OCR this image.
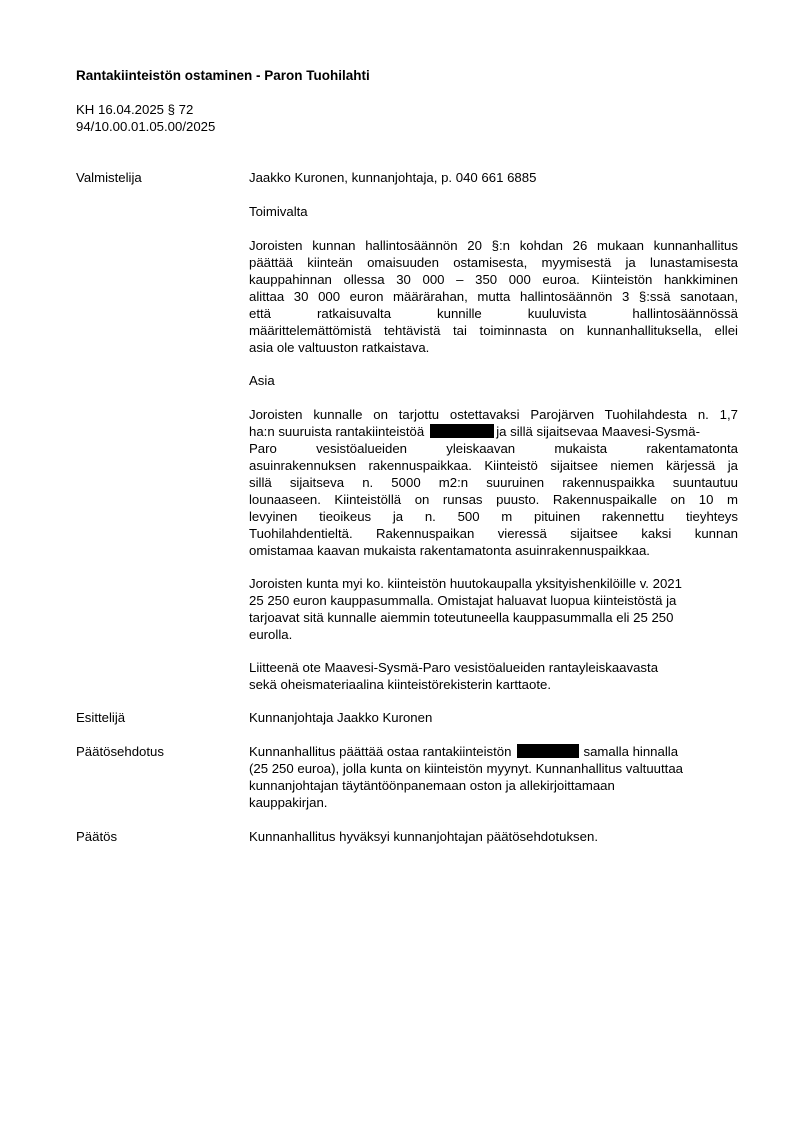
Rantakiinteistön ostaminen - Paron Tuohilahti
KH 16.04.2025 § 72
94/10.00.01.05.00/2025
Valmistelija	Jaakko Kuronen, kunnanjohtaja, p. 040 661 6885
Toimivalta
Joroisten kunnan hallintosäännön 20 §:n kohdan 26 mukaan kunnanhallitus
päättää kiinteän omaisuuden ostamisesta, myymisestä ja lunastamisesta
kauppahinnan ollessa 30 000 – 350 000 euroa. Kiinteistön hankkiminen
alittaa 30 000 euron määrärahan, mutta hallintosäännön 3 §:ssä sanotaan,
että ratkaisuvalta kunnille kuuluvista hallintosäännössä
määrittelemättömistä tehtävistä tai toiminnasta on kunnanhallituksella, ellei
asia ole valtuuston ratkaistava.
Asia
Joroisten kunnalle on tarjottu ostettavaksi Parojärven Tuohilahdesta n. 1,7
ha:n suuruista rantakiinteistöä	ja sillä sijaitsevaa Maavesi-Sysmä-
Paro vesistöalueiden yleiskaavan mukaista rakentamatonta
asuinrakennuksen rakennuspaikkaa. Kiinteistö sijaitsee niemen kärjessä ja
sillä sijaitseva n. 5000 m2:n suuruinen rakennuspaikka suuntautuu
lounaaseen. Kiinteistöllä on runsas puusto. Rakennuspaikalle on 10 m
levyinen tieoikeus ja n. 500 m pituinen rakennettu tieyhteys
Tuohilahdentieltä. Rakennuspaikan vieressä sijaitsee kaksi kunnan
omistamaa kaavan mukaista rakentamatonta asuinrakennuspaikkaa.
Joroisten kunta myi ko. kiinteistön huutokaupalla yksityishenkilöille v. 2021
25 250 euron kauppasummalla. Omistajat haluavat luopua kiinteistöstä ja
tarjoavat sitä kunnalle aiemmin toteutuneella kauppasummalla eli 25 250
eurolla.
Liitteenä ote Maavesi-Sysmä-Paro vesistöalueiden rantayleiskaavasta
sekä oheismateriaalina kiinteistörekisterin karttaote.
Esittelijä	Kunnanjohtaja Jaakko Kuronen
Päätösehdotus	Kunnanhallitus päättää ostaa rantakiinteistön	samalla hinnalla
(25 250 euroa), jolla kunta on kiinteistön myynyt. Kunnanhallitus valtuuttaa
kunnanjohtajan täytäntöönpanemaan oston ja allekirjoittamaan
kauppakirjan.
Päätös	Kunnanhallitus hyväksyi kunnanjohtajan päätösehdotuksen.
